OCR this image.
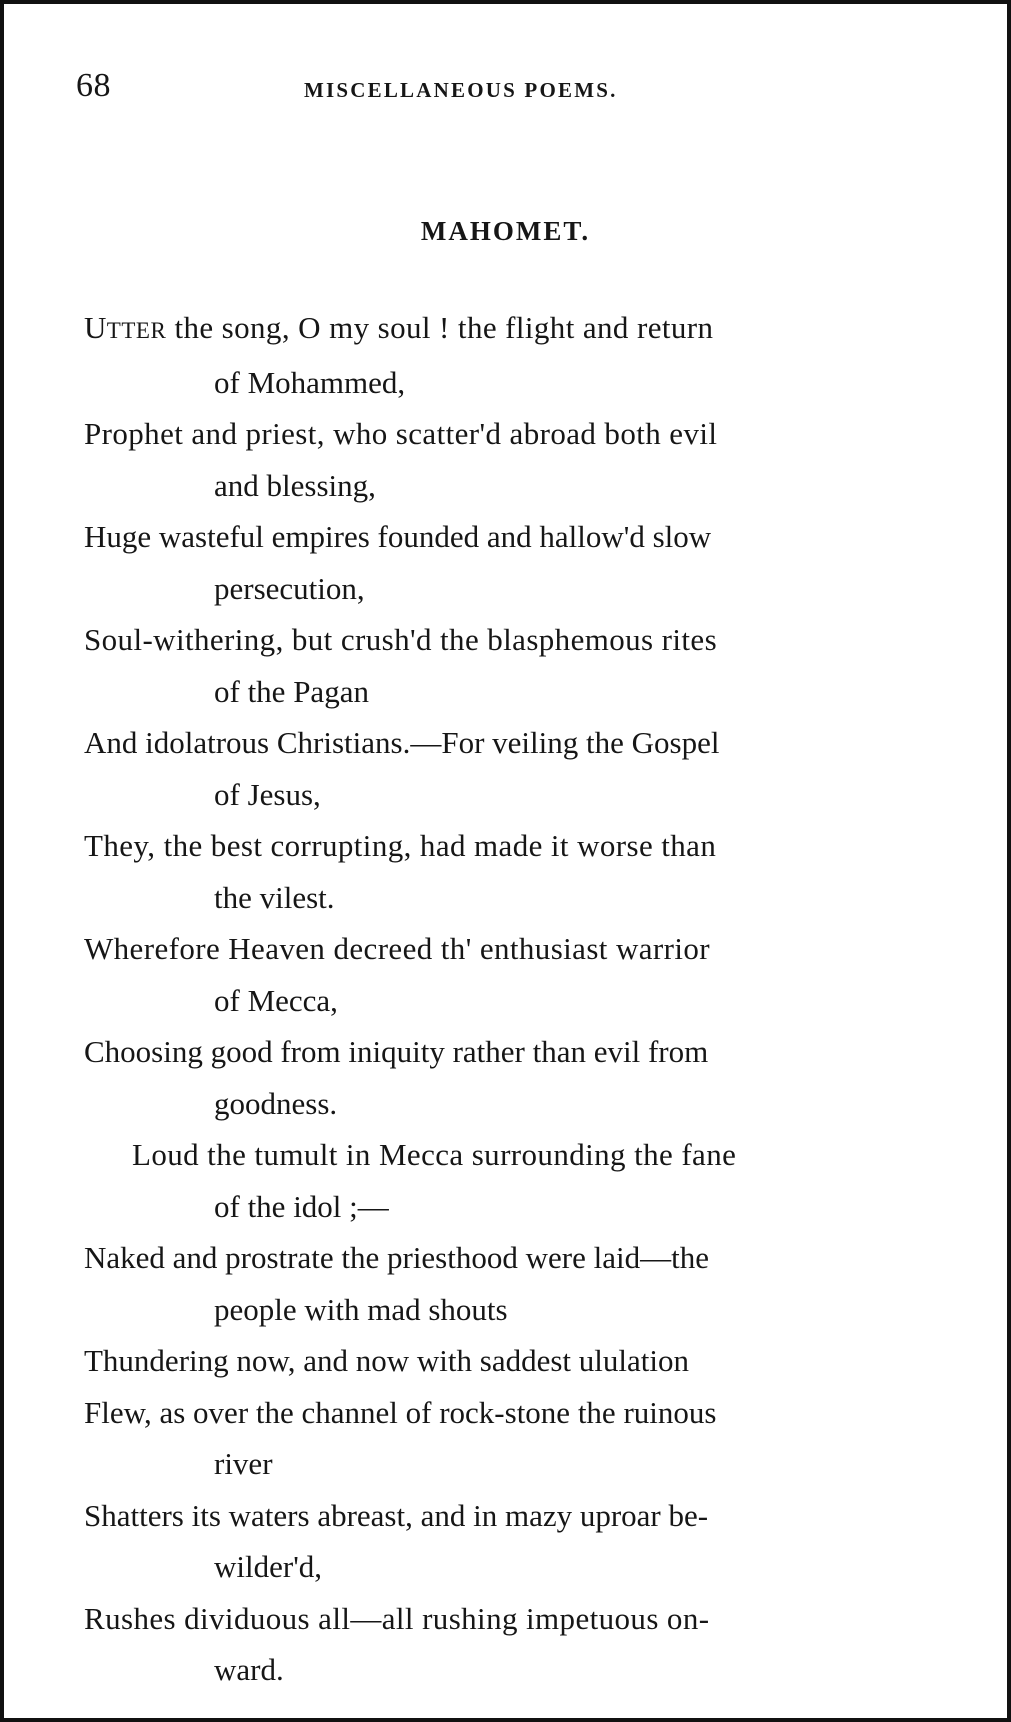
68	MISCELLANEOUS POEMS.
MAHOMET.
UTTER the song, O my soul ! the flight and return
of Mohammed,
Prophet and priest, who scatter'd abroad both evil
and blessing,
Huge wasteful empires founded and hallow'd slow
persecution,
Soul-withering, but crush'd the blasphemous rites
of the Pagan
And idolatrous Christians.—For veiling the Gospel
of Jesus,
They, the best corrupting, had made it worse than
the vilest.
Wherefore Heaven decreed th' enthusiast warrior
of Mecca,
Choosing good from iniquity rather than evil from
goodness.
Loud the tumult in Mecca surrounding the fane
of the idol ;—
Naked and prostrate the priesthood were laid—the
people with mad shouts
Thundering now, and now with saddest ululation
Flew, as over the channel of rock-stone the ruinous
river
Shatters its waters abreast, and in mazy uproar be-
wilder'd,
Rushes dividuous all—all rushing impetuous on-
ward.
